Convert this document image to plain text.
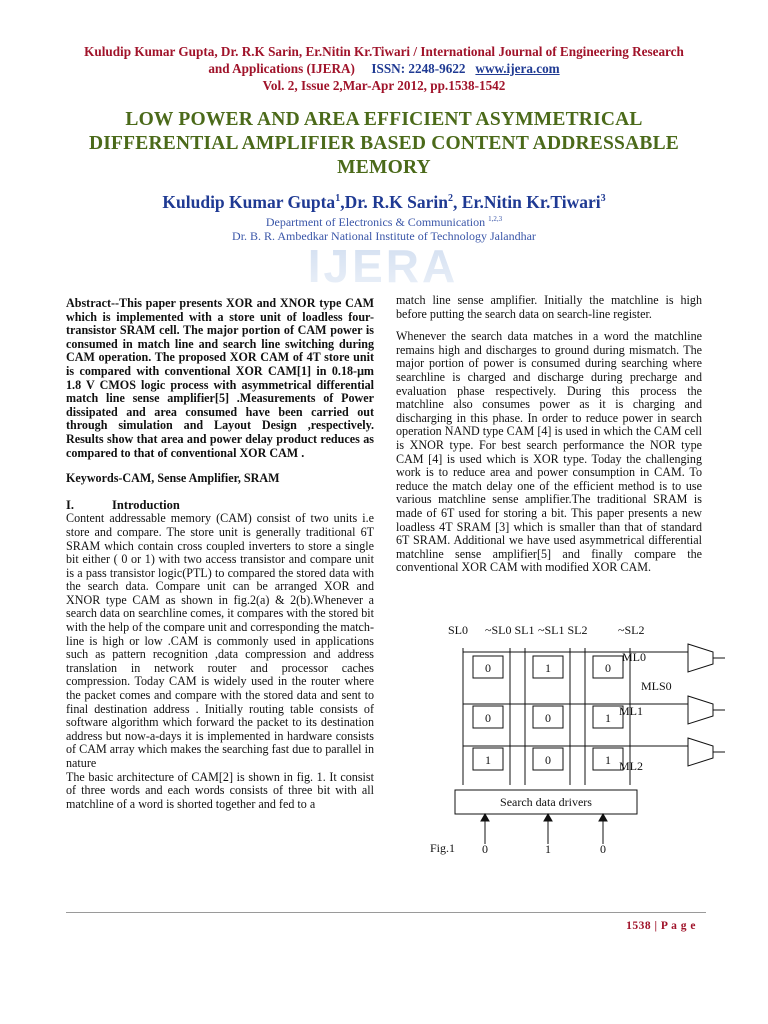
Kuludip Kumar Gupta, Dr. R.K Sarin, Er.Nitin Kr.Tiwari / International Journal of Engineering Research
and Applications (IJERA) ISSN: 2248-9622 www.ijera.com
Vol. 2, Issue 2,Mar-Apr 2012, pp.1538-1542
LOW POWER AND AREA EFFICIENT ASYMMETRICAL
DIFFERENTIAL AMPLIFIER BASED CONTENT ADDRESSABLE
MEMORY
Kuludip Kumar Gupta$^1$,Dr. R.K Sarin$^2$, Er.Nitin Kr.Tiwari$^3$
Department of Electronics & Communication $^{1,2,3}$
Dr. B. R. Ambedkar National Institute of Technology Jalandhar
IJERA

Abstract--This paper presents XOR and XNOR type CAM which is implemented with a store unit of loadless four-transistor SRAM cell. The major portion of CAM power is consumed in match line and search line switching during CAM operation. The proposed XOR CAM of 4T store unit is compared with conventional XOR CAM[1] in 0.18-μm 1.8 V CMOS logic process with asymmetrical differential match line sense amplifier[5] .Measurements of Power dissipated and area consumed have been carried out through simulation and Layout Design ,respectively. Results show that area and power delay product reduces as compared to that of conventional XOR CAM .

Keywords-CAM, Sense Amplifier, SRAM

I.	Introduction

Content addressable memory (CAM) consist of two units i.e store and compare. The store unit is generally traditional 6T SRAM which contain cross coupled inverters to store a single bit either ( 0 or 1) with two access transistor and compare unit is a pass transistor logic(PTL) to compared the stored data with the search data. Compare unit can be arranged XOR and XNOR type CAM as shown in fig.2(a) & 2(b).Whenever a search data on searchline comes, it compares with the stored bit with the help of the compare unit and corresponding the match-line is high or low .CAM is commonly used in applications such as pattern recognition ,data compression and address translation in network router and processor caches compression. Today CAM is widely used in the router where the packet comes and compare with the stored data and sent to final destination address . Initially routing table consists of software algorithm which forward the packet to its destination address but now-a-days it is implemented in hardware consists of CAM array which makes the searching fast due to parallel in nature

The basic architecture of CAM[2] is shown in fig. 1. It consist of three words and each words consists of three bit with all matchline of a word is shorted together and fed to a

match line sense amplifier. Initially the matchline is high before putting the search data on search-line register.

Whenever the search data matches in a word the matchline remains high and discharges to ground during mismatch. The major portion of power is consumed during searching where searchline is charged and discharge during precharge and evaluation phase respectively. During this process the matchline also consumes power as it is charging and discharging in this phase. In order to reduce power in search operation NAND type CAM [4] is used in which the CAM cell is XNOR type. For best search performance the NOR type CAM [4] is used which is XOR type. Today the challenging work is to reduce area and power consumption in CAM. To reduce the match delay one of the efficient method is to use various matchline sense amplifier.The traditional SRAM is made of 6T used for storing a bit. This paper presents a new loadless 4T SRAM [3] which is smaller than that of standard 6T SRAM. Additional we have used asymmetrical differential matchline sense amplifier[5] and finally compare the conventional XOR CAM with modified XOR CAM.

SL0 ~SL0 SL1 ~SL1 SL2	~SL2
0	1	0
0	0	1
1	0	1
ML0
ML1
ML2
MLS0
Search data drivers
Fig.1 0	1	0
1538 | P a g e
